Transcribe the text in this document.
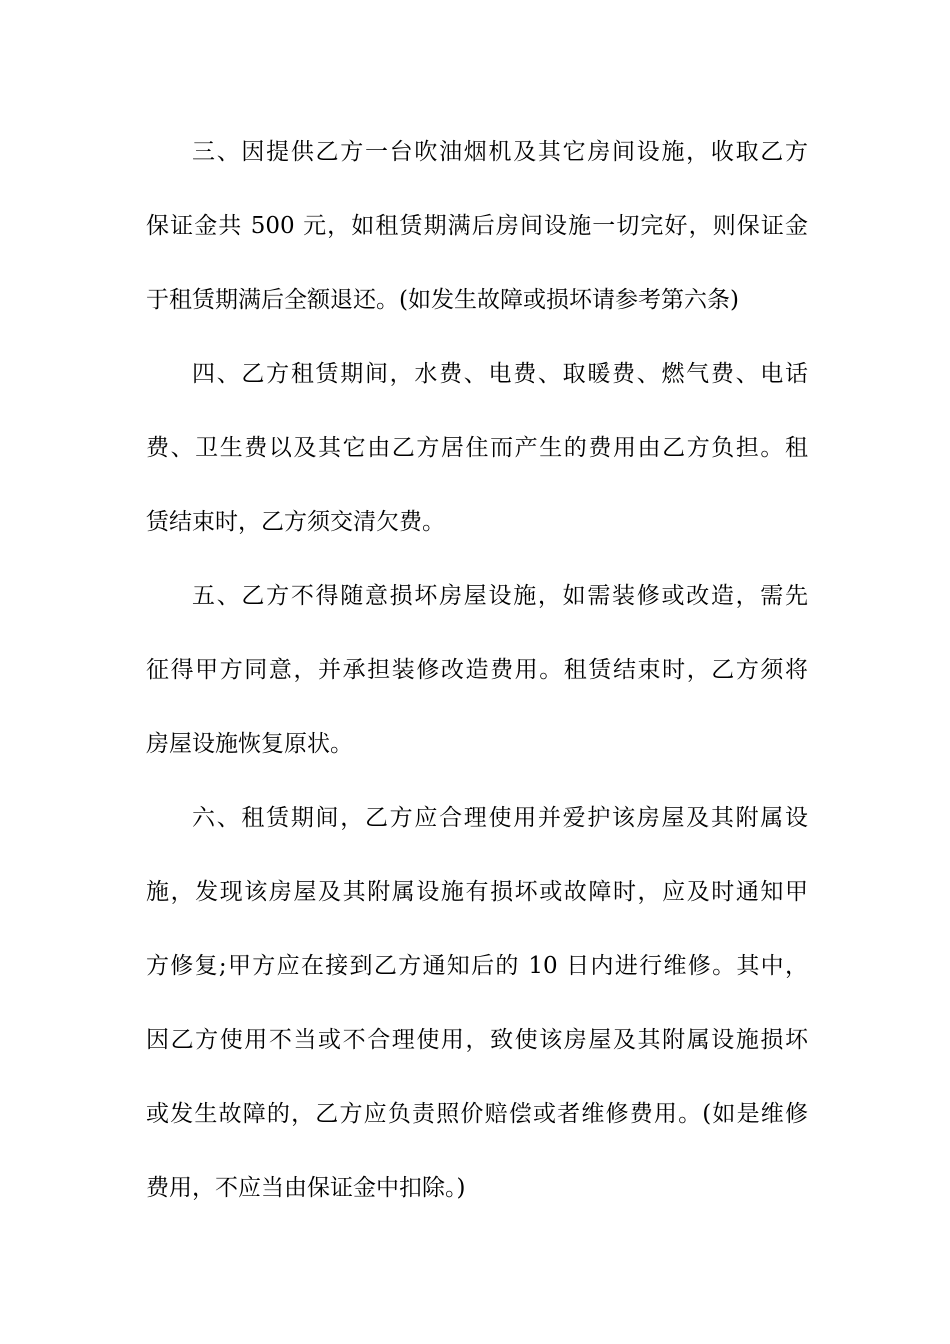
三、因提供乙方一台吹油烟机及其它房间设施，收取乙方
保证金共 500 元，如租赁期满后房间设施一切完好，则保证金
于租赁期满后全额退还。(如发生故障或损坏请参考第六条)
四、乙方租赁期间，水费、电费、取暖费、燃气费、电话
费、卫生费以及其它由乙方居住而产生的费用由乙方负担。租
赁结束时，乙方须交清欠费。
五、乙方不得随意损坏房屋设施，如需装修或改造，需先
征得甲方同意，并承担装修改造费用。租赁结束时，乙方须将
房屋设施恢复原状。
六、租赁期间，乙方应合理使用并爱护该房屋及其附属设
施，发现该房屋及其附属设施有损坏或故障时，应及时通知甲
方修复;甲方应在接到乙方通知后的 10 日内进行维修。其中，
因乙方使用不当或不合理使用，致使该房屋及其附属设施损坏
或发生故障的，乙方应负责照价赔偿或者维修费用。(如是维修
费用，不应当由保证金中扣除。)
